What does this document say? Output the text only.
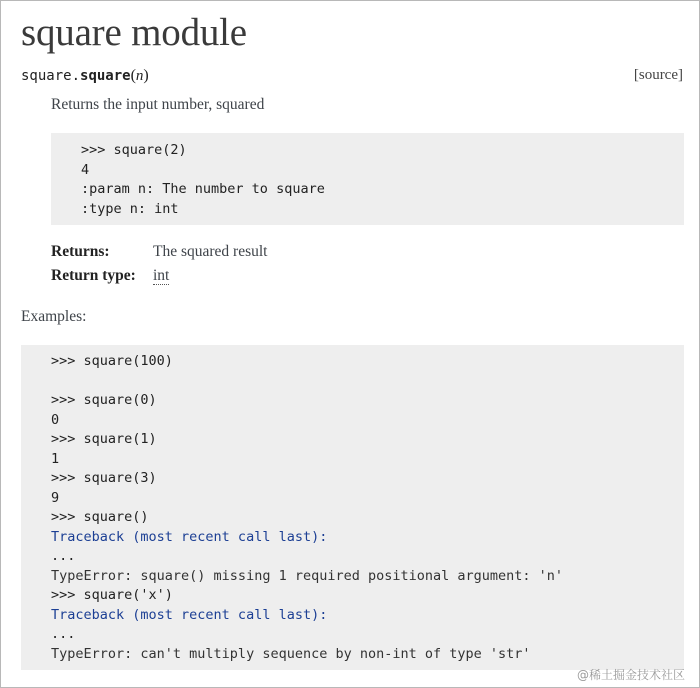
square module
square.square(n)	[source]
Returns the input number, squared
>>> square(2)
4
:param n: The number to square
:type n: int
Returns:	The squared result
Return type: int
Examples:
>>> square(100)

>>> square(0)
0
>>> square(1)
1
>>> square(3)
9
>>> square()
Traceback (most recent call last):
...
TypeError: square() missing 1 required positional argument: 'n'
>>> square('x')
Traceback (most recent call last):
...
TypeError: can't multiply sequence by non-int of type 'str'
@稀土掘金技术社区
